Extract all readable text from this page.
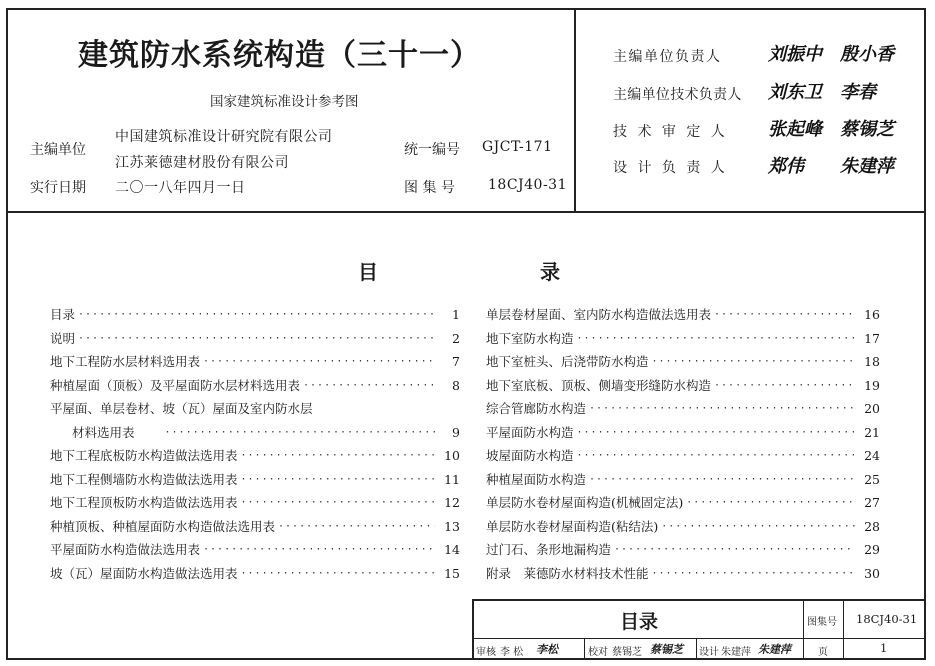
建筑防水系统构造（三十一）
国家建筑标准设计参考图
主编单位
中国建筑标准设计研究院有限公司
江苏莱德建材股份有限公司
实行日期 二〇一八年四月一日
统一编号 GJCT-171
图 集 号 18CJ40-31
主编单位负责人	刘振中 殷小香
主编单位技术负责人 刘东卫 李春
技 术 审 定 人 张起峰 蔡锡芝
设 计 负 责 人 郑伟 朱建萍
目	录
目录 ·····	1
说明 ·····	2
地下工程防水层材料选用表 ·····	7
种植屋面（顶板）及平屋面防水层材料选用表 ·····	8
平屋面、单层卷材、坡（瓦）屋面及室内防水层
材料选用表 ·····	9
地下工程底板防水构造做法选用表 ·····	10
地下工程侧墙防水构造做法选用表 ·····	11
地下工程顶板防水构造做法选用表 ·····	12
种植顶板、种植屋面防水构造做法选用表 ·····	13
平屋面防水构造做法选用表 ·····	14
坡（瓦）屋面防水构造做法选用表 ·····	15
单层卷材屋面、室内防水构造做法选用表 ·····	16
地下室防水构造 ·····	17
地下室桩头、后浇带防水构造 ·····	18
地下室底板、顶板、侧墙变形缝防水构造 ·····	19
综合管廊防水构造 ·····	20
平屋面防水构造 ·····	21
坡屋面防水构造 ·····	24
种植屋面防水构造 ·····	25
单层防水卷材屋面构造(机械固定法) ·····	27
单层防水卷材屋面构造(粘结法) ·····	28
过门石、条形地漏构造 ·····	29
附录　莱德防水材料技术性能 ·····	30
目录	图集号 18CJ40-31
审核 李 松 李松	校对 蔡锡芝 蔡锡芝 设计 朱建萍 朱建萍	页	1
